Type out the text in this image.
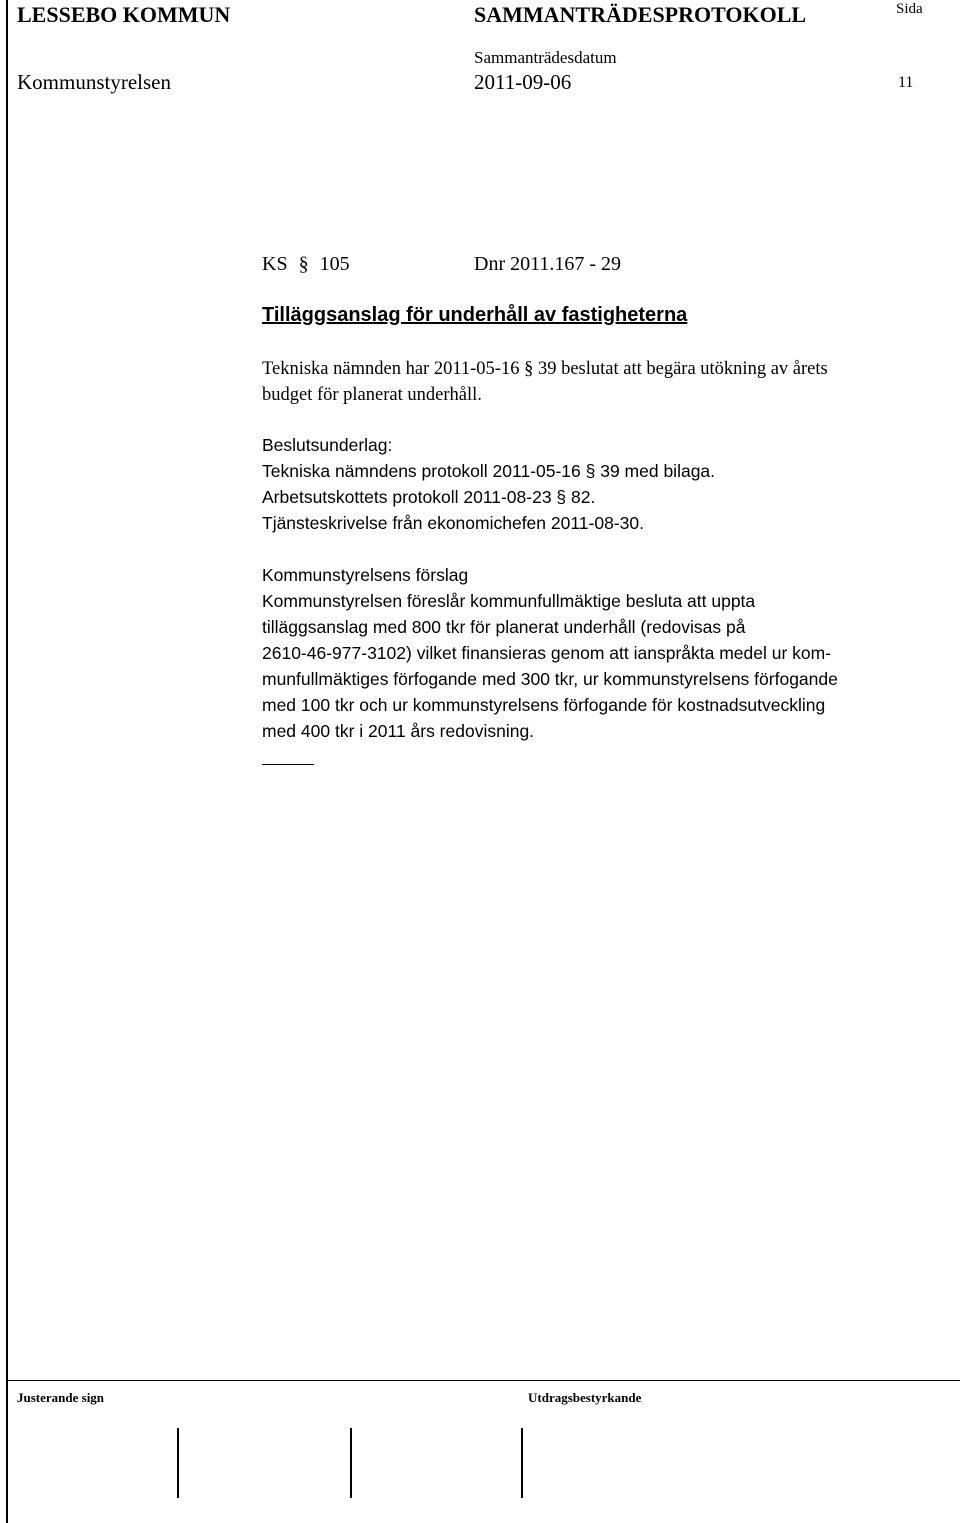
LESSEBO KOMMUN	SAMMANTRÄDESPROTOKOLL	Sida
Sammanträdesdatum
Kommunstyrelsen	2011-09-06	11
KS § 105	Dnr 2011.167 - 29
Tilläggsanslag för underhåll av fastigheterna
Tekniska nämnden har 2011-05-16 § 39 beslutat att begära utökning av årets
budget för planerat underhåll.
Beslutsunderlag:
Tekniska nämndens protokoll 2011-05-16 § 39 med bilaga.
Arbetsutskottets protokoll 2011-08-23 § 82.
Tjänsteskrivelse från ekonomichefen 2011-08-30.
Kommunstyrelsens förslag
Kommunstyrelsen föreslår kommunfullmäktige besluta att uppta
tilläggsanslag med 800 tkr för planerat underhåll (redovisas på
2610-46-977-3102) vilket finansieras genom att ianspråkta medel ur kom-
munfullmäktiges förfogande med 300 tkr, ur kommunstyrelsens förfogande
med 100 tkr och ur kommunstyrelsens förfogande för kostnadsutveckling
med 400 tkr i 2011 års redovisning.
Justerande sign	Utdragsbestyrkande
